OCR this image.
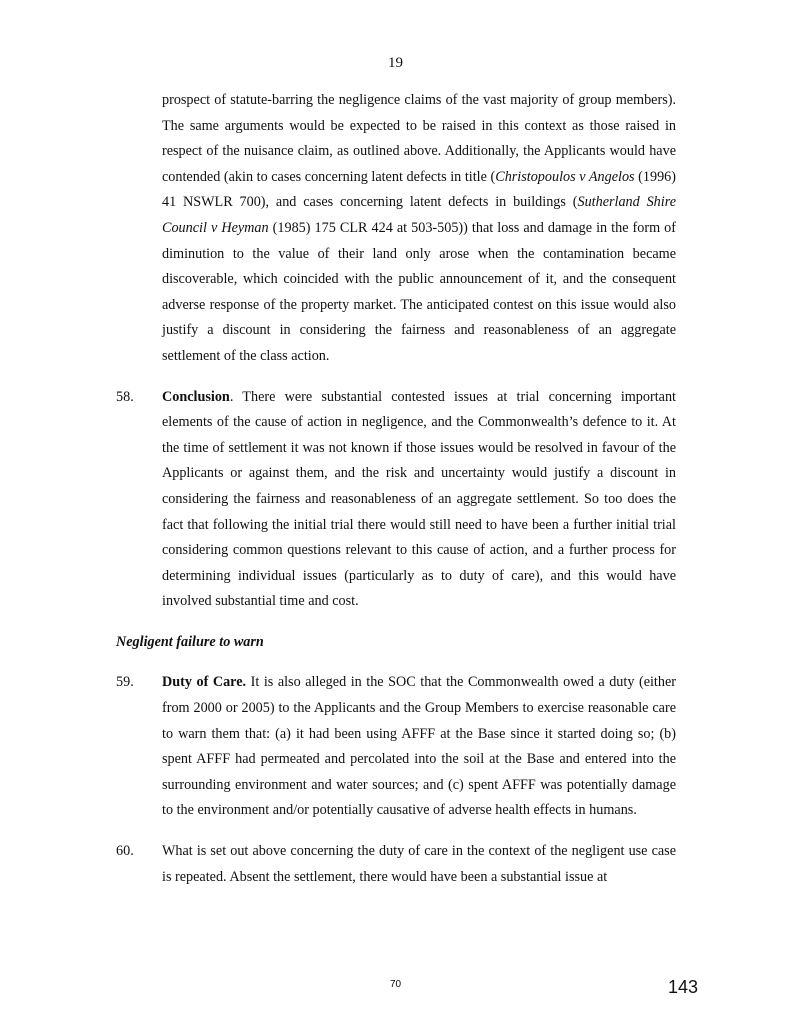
19

prospect of statute-barring the negligence claims of the vast majority of group members). The same arguments would be expected to be raised in this context as those raised in respect of the nuisance claim, as outlined above. Additionally, the Applicants would have contended (akin to cases concerning latent defects in title (Christopoulos v Angelos (1996) 41 NSWLR 700), and cases concerning latent defects in buildings (Sutherland Shire Council v Heyman (1985) 175 CLR 424 at 503-505)) that loss and damage in the form of diminution to the value of their land only arose when the contamination became discoverable, which coincided with the public announcement of it, and the consequent adverse response of the property market. The anticipated contest on this issue would also justify a discount in considering the fairness and reasonableness of an aggregate settlement of the class action.

58.	Conclusion. There were substantial contested issues at trial concerning important elements of the cause of action in negligence, and the Commonwealth’s defence to it. At the time of settlement it was not known if those issues would be resolved in favour of the Applicants or against them, and the risk and uncertainty would justify a discount in considering the fairness and reasonableness of an aggregate settlement. So too does the fact that following the initial trial there would still need to have been a further initial trial considering common questions relevant to this cause of action, and a further process for determining individual issues (particularly as to duty of care), and this would have involved substantial time and cost.

Negligent failure to warn

59.	Duty of Care. It is also alleged in the SOC that the Commonwealth owed a duty (either from 2000 or 2005) to the Applicants and the Group Members to exercise reasonable care to warn them that: (a) it had been using AFFF at the Base since it started doing so; (b) spent AFFF had permeated and percolated into the soil at the Base and entered into the surrounding environment and water sources; and (c) spent AFFF was potentially damage to the environment and/or potentially causative of adverse health effects in humans.

60.	What is set out above concerning the duty of care in the context of the negligent use case is repeated. Absent the settlement, there would have been a substantial issue at

70	143
